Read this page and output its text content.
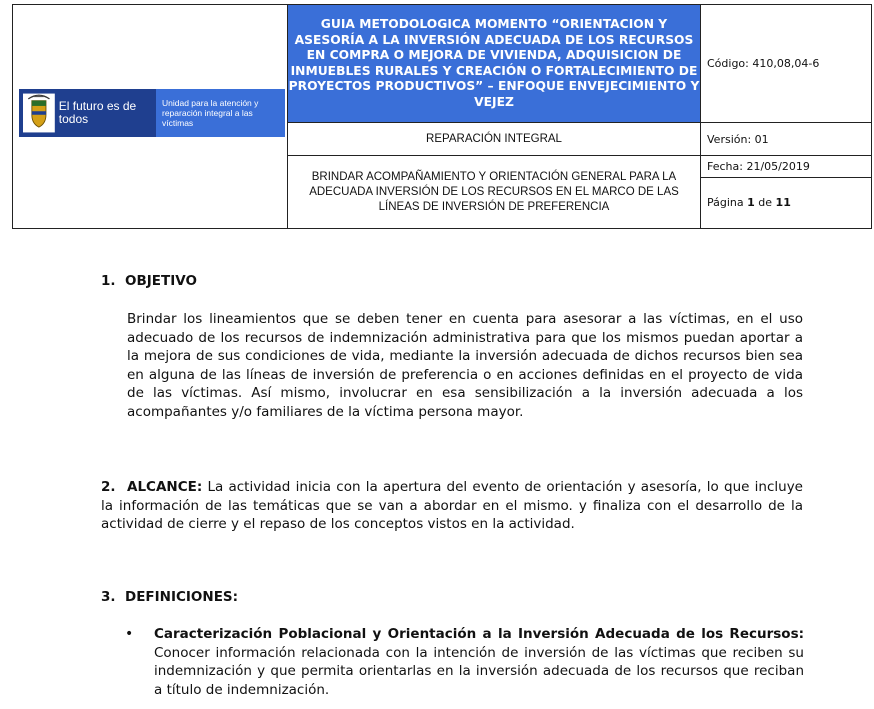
El futuro es de todos
Unidad para la atención y reparación integral a las víctimas	GUIA METODOLOGICA MOMENTO “ORIENTACION Y ASESORÍA A LA INVERSIÓN ADECUADA DE LOS RECURSOS EN COMPRA O MEJORA DE VIVIENDA, ADQUISICION DE INMUEBLES RURALES Y CREACIÓN O FORTALECIMIENTO DE PROYECTOS PRODUCTIVOS” – ENFOQUE ENVEJECIMIENTO Y VEJEZ	Código: 410,08,04-6
	REPARACIÓN INTEGRAL	Versión: 01
	BRINDAR ACOMPAÑAMIENTO Y ORIENTACIÓN GENERAL PARA LA ADECUADA INVERSIÓN DE LOS RECURSOS EN EL MARCO DE LAS LÍNEAS DE INVERSIÓN DE PREFERENCIA	Fecha: 21/05/2019
Página 1 de 11
1. OBJETIVO
Brindar los lineamientos que se deben tener en cuenta para asesorar a las víctimas, en el uso adecuado de los recursos de indemnización administrativa para que los mismos puedan aportar a la mejora de sus condiciones de vida, mediante la inversión adecuada de dichos recursos bien sea en alguna de las líneas de inversión de preferencia o en acciones definidas en el proyecto de vida de las víctimas. Así mismo, involucrar en esa sensibilización a la inversión adecuada a los acompañantes y/o familiares de la víctima persona mayor.
2. ALCANCE: La actividad inicia con la apertura del evento de orientación y asesoría, lo que incluye la información de las temáticas que se van a abordar en el mismo. y finaliza con el desarrollo de la actividad de cierre y el repaso de los conceptos vistos en la actividad.
3. DEFINICIONES:
• Caracterización Poblacional y Orientación a la Inversión Adecuada de los Recursos: Conocer información relacionada con la intención de inversión de las víctimas que reciben su indemnización y que permita orientarlas en la inversión adecuada de los recursos que reciban a título de indemnización.
